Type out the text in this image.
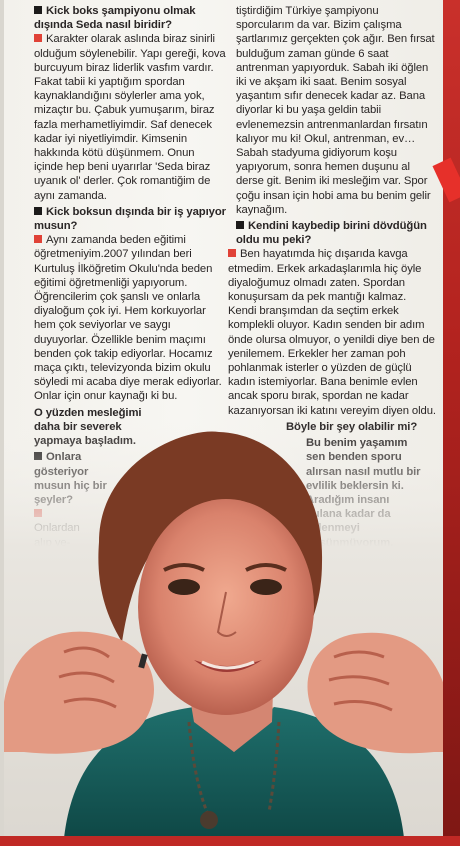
Kick boks şampiyonu olmak dışında Seda nasıl biridir?

Karakter olarak aslında biraz sinirli olduğum söylenebilir. Yapı gereği, kova burcuyum biraz liderlik vasfım vardır. Fakat tabii ki yaptığım spordan kaynaklandığını söylerler ama yok, mizaçtır bu. Çabuk yumuşarım, biraz fazla merhametliyimdir. Saf denecek kadar iyi niyetliyimdir. Kimsenin hakkında kötü düşünmem. Onun içinde hep beni uyarırlar 'Seda biraz uyanık ol' derler. Çok romantiğim de aynı zamanda.

Kick boksun dışında bir iş yapıyor musun?

Aynı zamanda beden eğitimi öğretmeniyim.2007 yılından beri Kurtuluş İlköğretim Okulu'nda beden eğitimi öğretmenliği yapıyorum. Öğrencilerim çok şanslı ve onlarla diyaloğum çok iyi. Hem korkuyorlar hem çok seviyorlar ve saygı duyuyorlar. Özellikle benim maçımı benden çok takip ediyorlar. Hocamız maça çıktı, televizyonda bizim okulu söyledi mi acaba diye merak ediyorlar. Onlar için onur kaynağı ki bu.

O yüzden mesleğimi

tiştirdiğim Türkiye şampiyonu sporcularım da var. Bizim çalışma şartlarımız gerçekten çok ağır. Ben fırsat bulduğum zaman günde 6 saat antrenman yapıyorduk. Sabah iki öğlen iki ve akşam iki saat. Benim sosyal yaşantım sıfır denecek kadar az. Bana diyorlar ki bu yaşa geldin tabii evlenemezsin antrenmanlardan fırsatın kalıyor mu ki! Okul, antrenman, ev… Sabah stadyuma gidiyorum koşu yapıyorum, sonra hemen duşunu al derse git. Benim iki mesleğim var. Spor çoğu insan için hobi ama bu benim gelir kaynağım.

Kendini kaybedip birini dövdüğün oldu mu peki?

Ben hayatımda hiç dışarıda kavga etmedim. Erkek arkadaşlarımla hiç öyle diyaloğumuz olmadı zaten. Spordan konuşursam da pek mantığı kalmaz. Kendi branşımdan da seçtim erkek komplekli oluyor. Kadın senden bir adım önde olursa olmuyor, o yenildi diye ben de yenilemem. Erkekler her zaman poh pohlanmak isterler o yüzden de güçlü kadın istemiyorlar. Bana benimle evlen ancak sporu bırak, spordan ne kadar kazanıyorsan iki katını vereyim diyen oldu.
